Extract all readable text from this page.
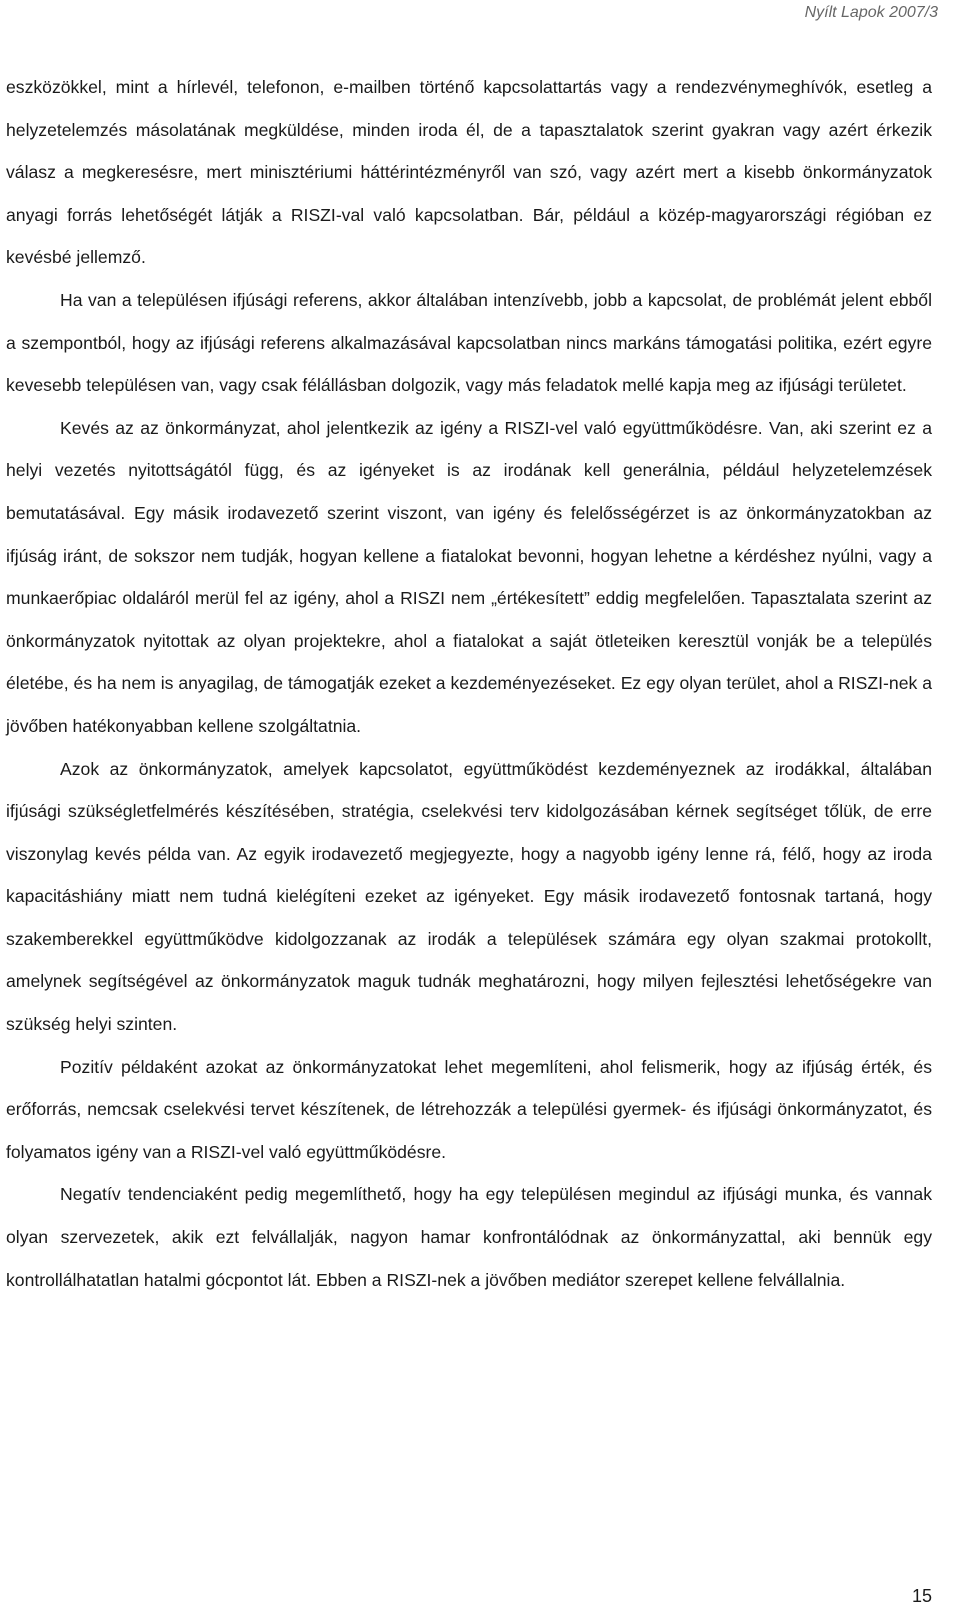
Nyílt Lapok 2007/3

eszközökkel, mint a hírlevél, telefonon, e-mailben történő kapcsolattartás vagy a rendezvénymeghívók, esetleg a helyzetelemzés másolatának megküldése, minden iroda él, de a tapasztalatok szerint gyakran vagy azért érkezik válasz a megkeresésre, mert minisztériumi háttérintézményről van szó, vagy azért mert a kisebb önkormányzatok anyagi forrás lehetőségét látják a RISZI-val való kapcsolatban. Bár, például a közép-magyarországi régióban ez kevésbé jellemző.

Ha van a településen ifjúsági referens, akkor általában intenzívebb, jobb a kapcsolat, de problémát jelent ebből a szempontból, hogy az ifjúsági referens alkalmazásával kapcsolatban nincs markáns támogatási politika, ezért egyre kevesebb településen van, vagy csak félállásban dolgozik, vagy más feladatok mellé kapja meg az ifjúsági területet.

Kevés az az önkormányzat, ahol jelentkezik az igény a RISZI-vel való együttműködésre. Van, aki szerint ez a helyi vezetés nyitottságától függ, és az igényeket is az irodának kell generálnia, például helyzetelemzések bemutatásával. Egy másik irodavezető szerint viszont, van igény és felelősségérzet is az önkormányzatokban az ifjúság iránt, de sokszor nem tudják, hogyan kellene a fiatalokat bevonni, hogyan lehetne a kérdéshez nyúlni, vagy a munkaerőpiac oldaláról merül fel az igény, ahol a RISZI nem „értékesített” eddig megfelelően. Tapasztalata szerint az önkormányzatok nyitottak az olyan projektekre, ahol a fiatalokat a saját ötleteiken keresztül vonják be a település életébe, és ha nem is anyagilag, de támogatják ezeket a kezdeményezéseket. Ez egy olyan terület, ahol a RISZI-nek a jövőben hatékonyabban kellene szolgáltatnia.

Azok az önkormányzatok, amelyek kapcsolatot, együttműködést kezdeményeznek az irodákkal, általában ifjúsági szükségletfelmérés készítésében, stratégia, cselekvési terv kidolgozásában kérnek segítséget tőlük, de erre viszonylag kevés példa van. Az egyik irodavezető megjegyezte, hogy a nagyobb igény lenne rá, félő, hogy az iroda kapacitáshiány miatt nem tudná kielégíteni ezeket az igényeket. Egy másik irodavezető fontosnak tartaná, hogy szakemberekkel együttműködve kidolgozzanak az irodák a települések számára egy olyan szakmai protokollt, amelynek segítségével az önkormányzatok maguk tudnák meghatározni, hogy milyen fejlesztési lehetőségekre van szükség helyi szinten.

Pozitív példaként azokat az önkormányzatokat lehet megemlíteni, ahol felismerik, hogy az ifjúság érték, és erőforrás, nemcsak cselekvési tervet készítenek, de létrehozzák a települési gyermek- és ifjúsági önkormányzatot, és folyamatos igény van a RISZI-vel való együttműködésre.

Negatív tendenciaként pedig megemlíthető, hogy ha egy településen megindul az ifjúsági munka, és vannak olyan szervezetek, akik ezt felvállalják, nagyon hamar konfrontálódnak az önkormányzattal, aki bennük egy kontrollálhatatlan hatalmi gócpontot lát. Ebben a RISZI-nek a jövőben mediátor szerepet kellene felvállalnia.

15
